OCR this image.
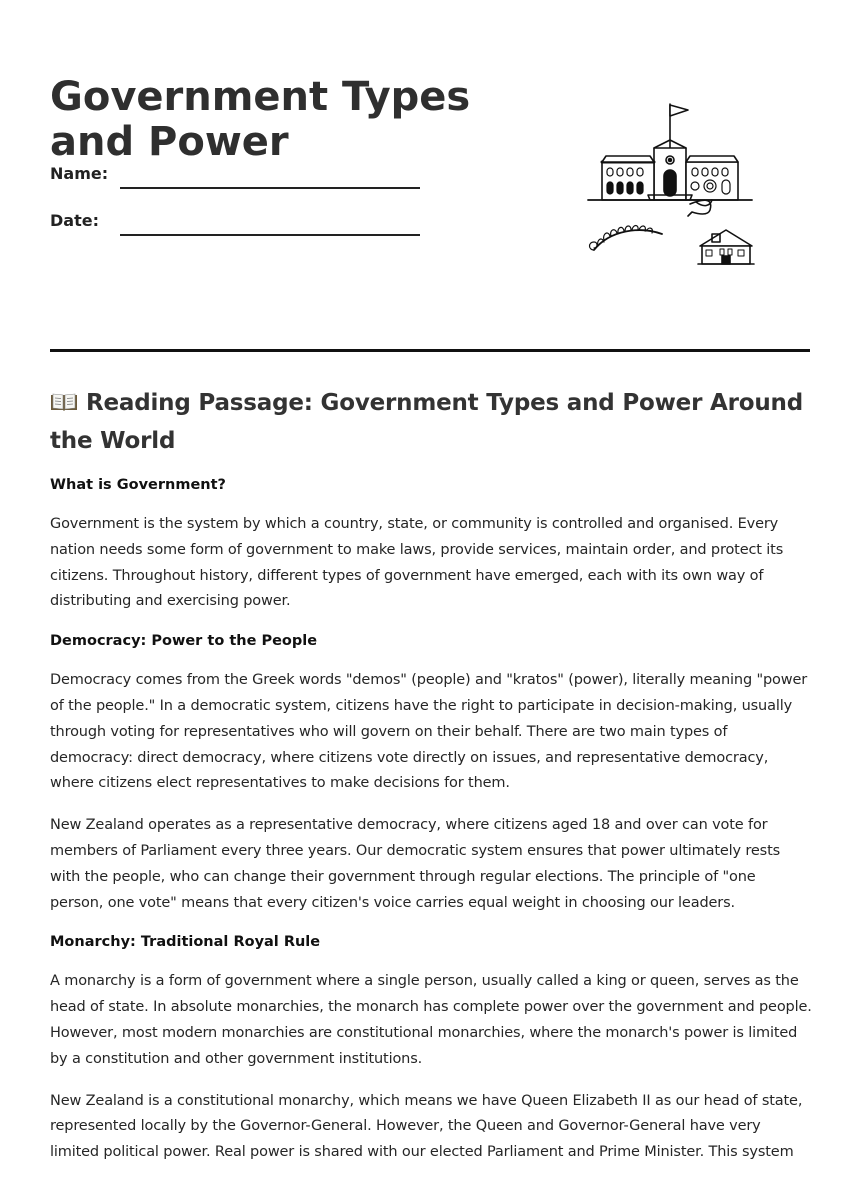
Government Types and Power
Name:
Date:
Reading Passage: Government Types and Power Around the World
What is Government?

Government is the system by which a country, state, or community is controlled and organised. Every nation needs some form of government to make laws, provide services, maintain order, and protect its citizens. Throughout history, different types of government have emerged, each with its own way of distributing and exercising power.

Democracy: Power to the People

Democracy comes from the Greek words "demos" (people) and "kratos" (power), literally meaning "power of the people." In a democratic system, citizens have the right to participate in decision-making, usually through voting for representatives who will govern on their behalf. There are two main types of democracy: direct democracy, where citizens vote directly on issues, and representative democracy, where citizens elect representatives to make decisions for them.

New Zealand operates as a representative democracy, where citizens aged 18 and over can vote for members of Parliament every three years. Our democratic system ensures that power ultimately rests with the people, who can change their government through regular elections. The principle of "one person, one vote" means that every citizen's voice carries equal weight in choosing our leaders.

Monarchy: Traditional Royal Rule

A monarchy is a form of government where a single person, usually called a king or queen, serves as the head of state. In absolute monarchies, the monarch has complete power over the government and people. However, most modern monarchies are constitutional monarchies, where the monarch's power is limited by a constitution and other government institutions.

New Zealand is a constitutional monarchy, which means we have Queen Elizabeth II as our head of state, represented locally by the Governor-General. However, the Queen and Governor-General have very limited political power. Real power is shared with our elected Parliament and Prime Minister. This system
